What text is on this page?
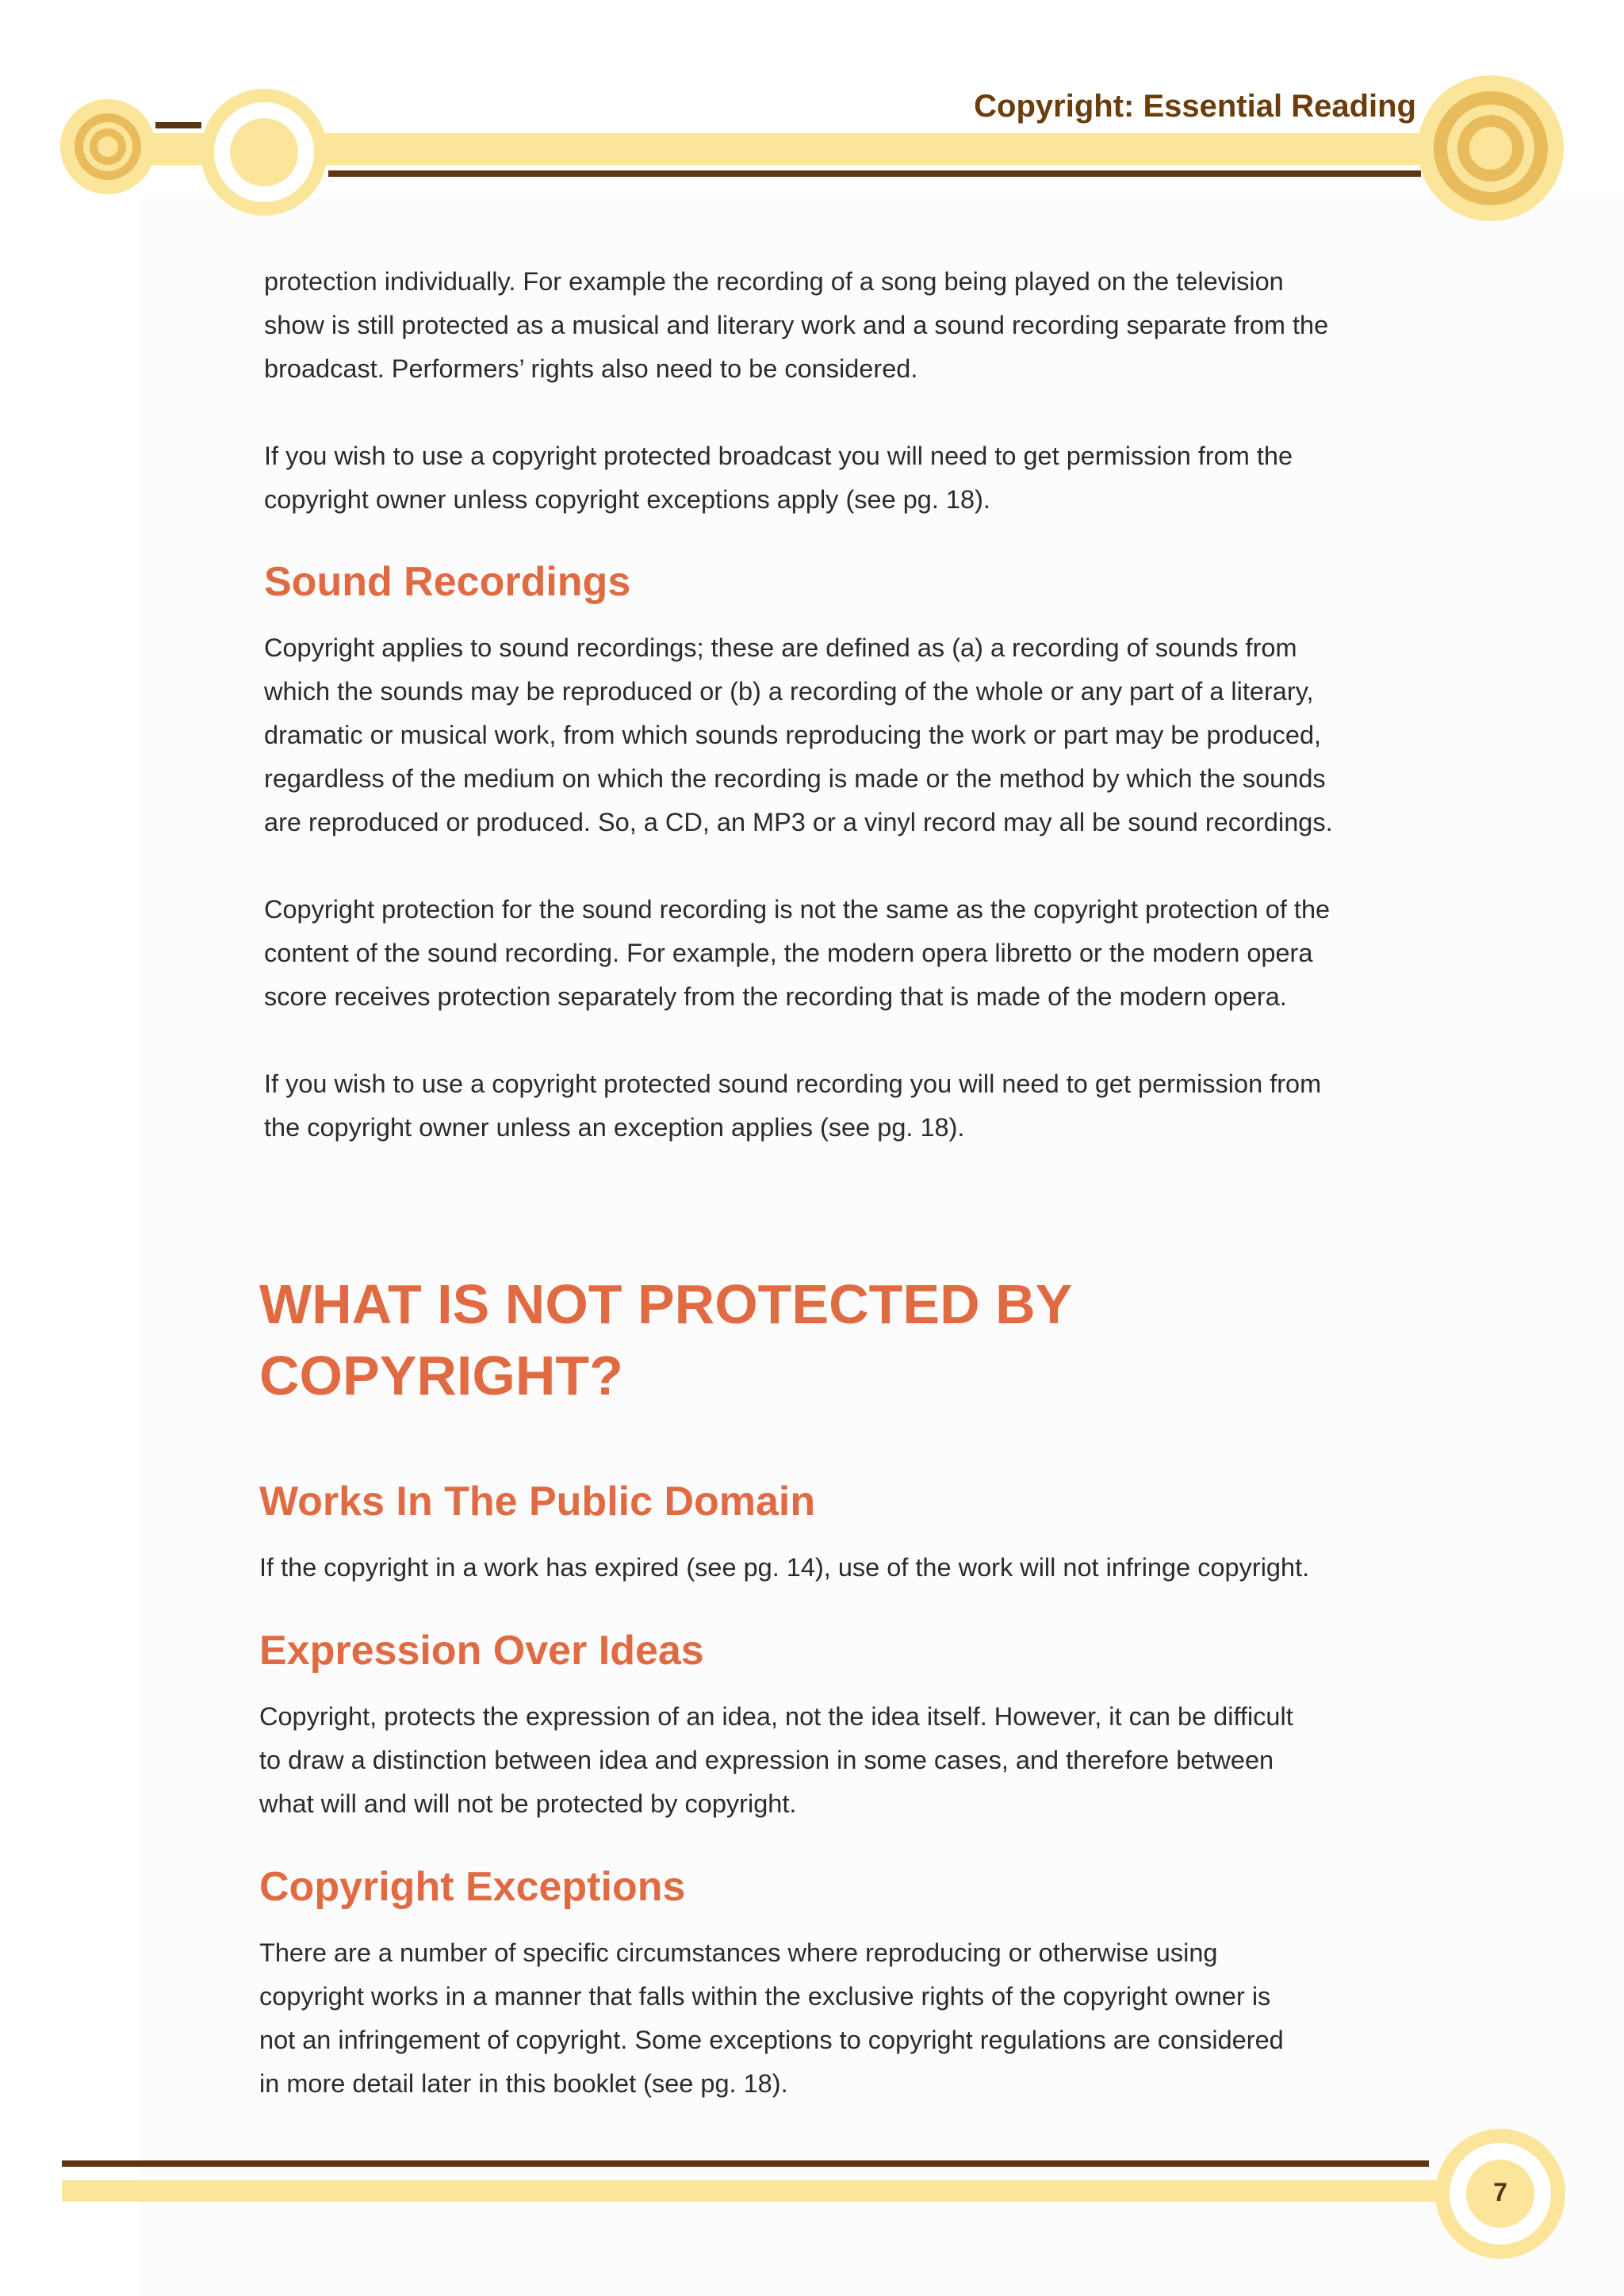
Copyright: Essential Reading

protection individually. For example the recording of a song being played on the television
show is still protected as a musical and literary work and a sound recording separate from the
broadcast. Performers’ rights also need to be considered.

If you wish to use a copyright protected broadcast you will need to get permission from the
copyright owner unless copyright exceptions apply (see pg. 18).

Sound Recordings

Copyright applies to sound recordings; these are defined as (a) a recording of sounds from
which the sounds may be reproduced or (b) a recording of the whole or any part of a literary,
dramatic or musical work, from which sounds reproducing the work or part may be produced,
regardless of the medium on which the recording is made or the method by which the sounds
are reproduced or produced. So, a CD, an MP3 or a vinyl record may all be sound recordings.

Copyright protection for the sound recording is not the same as the copyright protection of the
content of the sound recording. For example, the modern opera libretto or the modern opera
score receives protection separately from the recording that is made of the modern opera.

If you wish to use a copyright protected sound recording you will need to get permission from
the copyright owner unless an exception applies (see pg. 18).

WHAT IS NOT PROTECTED BY
COPYRIGHT?
Works In The Public Domain

If the copyright in a work has expired (see pg. 14), use of the work will not infringe copyright.

Expression Over Ideas

Copyright, protects the expression of an idea, not the idea itself. However, it can be difficult
to draw a distinction between idea and expression in some cases, and therefore between
what will and will not be protected by copyright.

Copyright Exceptions

There are a number of specific circumstances where reproducing or otherwise using
copyright works in a manner that falls within the exclusive rights of the copyright owner is
not an infringement of copyright. Some exceptions to copyright regulations are considered
in more detail later in this booklet (see pg. 18).

7
